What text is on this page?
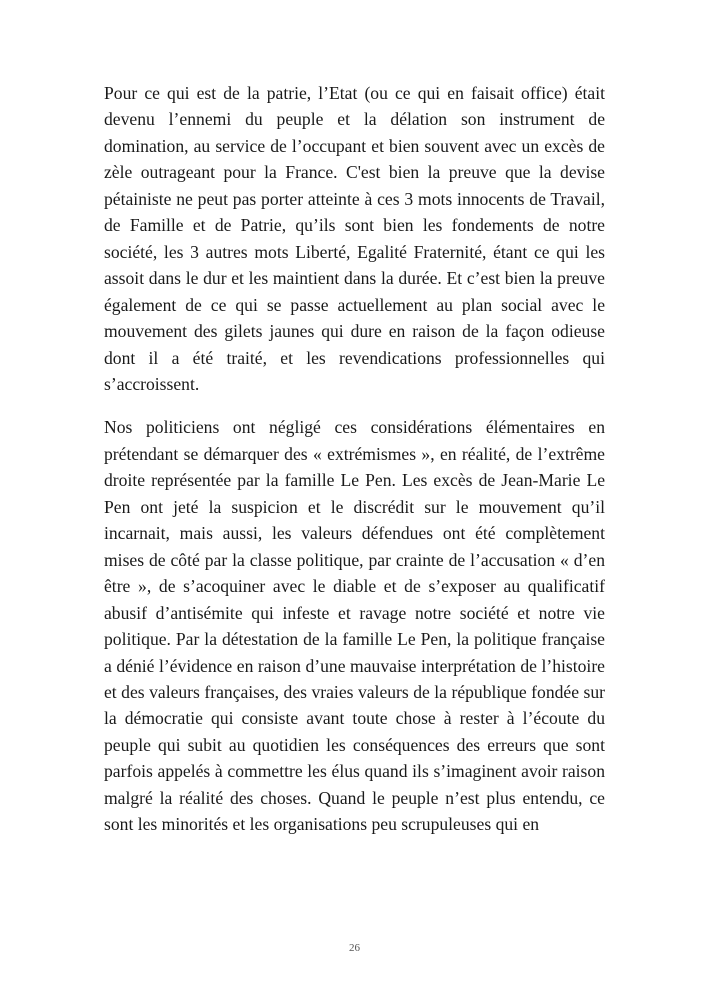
Pour ce qui est de la patrie, l’Etat (ou ce qui en faisait office) était devenu l’ennemi du peuple et la délation son instrument de domination, au service de l’occupant et bien souvent avec un excès de zèle outrageant pour la France. C'est bien la preuve que la devise pétainiste ne peut pas porter atteinte à ces 3 mots innocents de Travail, de Famille et de Patrie, qu’ils sont bien les fondements de notre société, les 3 autres mots Liberté, Egalité Fraternité, étant ce qui les assoit dans le dur et les maintient dans la durée. Et c’est bien la preuve également de ce qui se passe actuellement au plan social avec le mouvement des gilets jaunes qui dure en raison de la façon odieuse dont il a été traité, et les revendications professionnelles qui s’accroissent.

Nos politiciens ont négligé ces considérations élémentaires en prétendant se démarquer des « extrémismes », en réalité, de l’extrême droite représentée par la famille Le Pen. Les excès de Jean-Marie Le Pen ont jeté la suspicion et le discrédit sur le mouvement qu’il incarnait, mais aussi, les valeurs défendues ont été complètement mises de côté par la classe politique, par crainte de l’accusation « d’en être », de s’acoquiner avec le diable et de s’exposer au qualificatif abusif d’antisémite qui infeste et ravage notre société et notre vie politique. Par la détestation de la famille Le Pen, la politique française a dénié l’évidence en raison d’une mauvaise interprétation de l’histoire et des valeurs françaises, des vraies valeurs de la république fondée sur la démocratie qui consiste avant toute chose à rester à l’écoute du peuple qui subit au quotidien les conséquences des erreurs que sont parfois appelés à commettre les élus quand ils s’imaginent avoir raison malgré la réalité des choses. Quand le peuple n’est plus entendu, ce sont les minorités et les organisations peu scrupuleuses qui en

26
